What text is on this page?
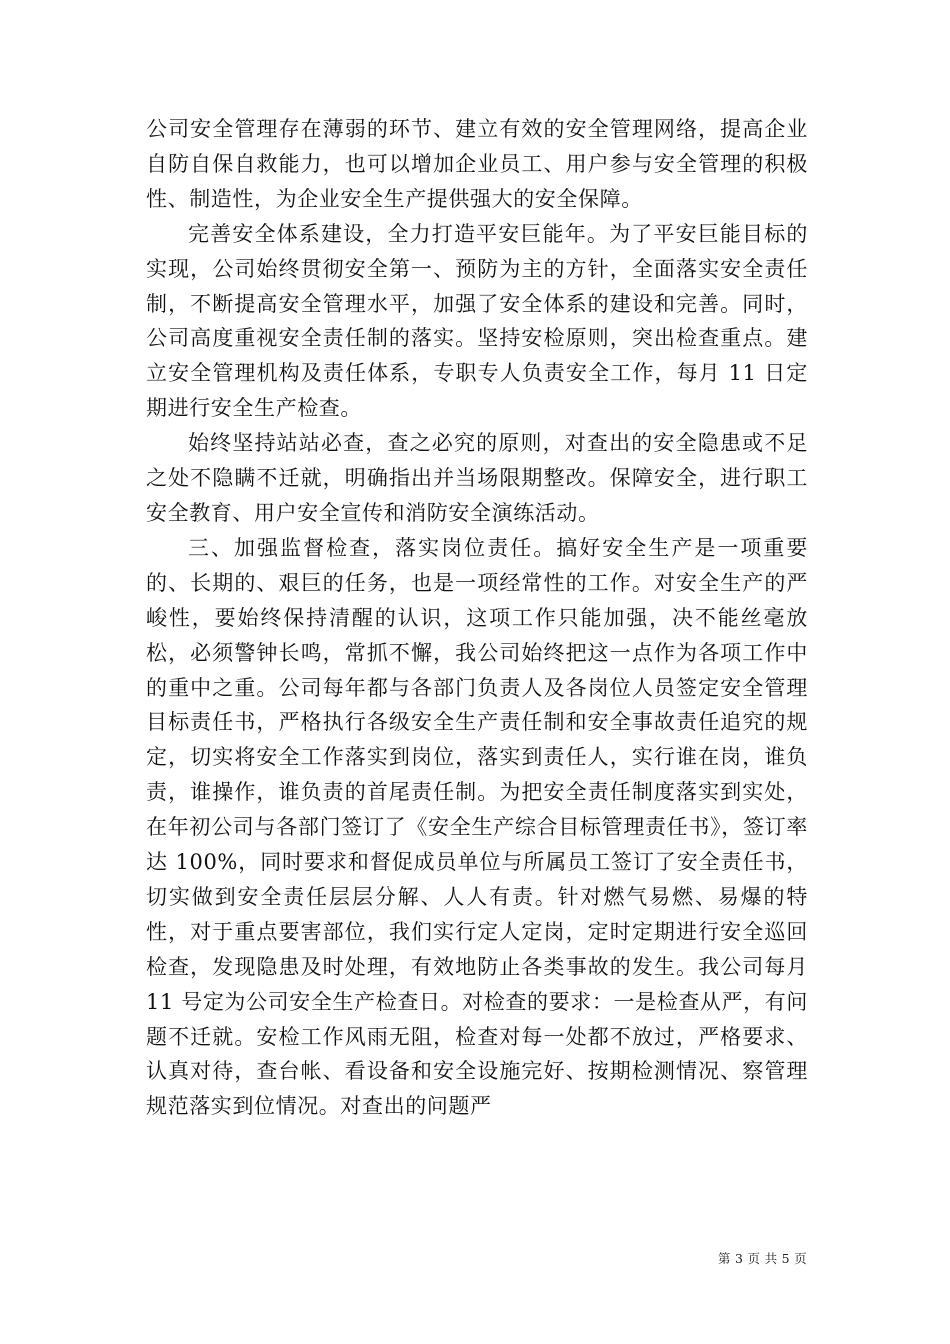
公司安全管理存在薄弱的环节、建立有效的安全管理网络，提高企业自防自保自救能力，也可以增加企业员工、用户参与安全管理的积极性、制造性，为企业安全生产提供强大的安全保障。

完善安全体系建设，全力打造平安巨能年。为了平安巨能目标的实现，公司始终贯彻安全第一、预防为主的方针，全面落实安全责任制，不断提高安全管理水平，加强了安全体系的建设和完善。同时，公司高度重视安全责任制的落实。坚持安检原则，突出检查重点。建立安全管理机构及责任体系，专职专人负责安全工作，每月 11 日定期进行安全生产检查。

始终坚持站站必查，查之必究的原则，对查出的安全隐患或不足之处不隐瞒不迁就，明确指出并当场限期整改。保障安全，进行职工安全教育、用户安全宣传和消防安全演练活动。

三、加强监督检查，落实岗位责任。搞好安全生产是一项重要的、长期的、艰巨的任务，也是一项经常性的工作。对安全生产的严峻性，要始终保持清醒的认识，这项工作只能加强，决不能丝毫放松，必须警钟长鸣，常抓不懈，我公司始终把这一点作为各项工作中的重中之重。公司每年都与各部门负责人及各岗位人员签定安全管理目标责任书，严格执行各级安全生产责任制和安全事故责任追究的规定，切实将安全工作落实到岗位，落实到责任人，实行谁在岗，谁负责，谁操作，谁负责的首尾责任制。为把安全责任制度落实到实处，在年初公司与各部门签订了《安全生产综合目标管理责任书》，签订率达 100%，同时要求和督促成员单位与所属员工签订了安全责任书，切实做到安全责任层层分解、人人有责。针对燃气易燃、易爆的特性，对于重点要害部位，我们实行定人定岗，定时定期进行安全巡回检查，发现隐患及时处理，有效地防止各类事故的发生。我公司每月 11 号定为公司安全生产检查日。对检查的要求：一是检查从严，有问题不迁就。安检工作风雨无阻，检查对每一处都不放过，严格要求、认真对待，查台帐、看设备和安全设施完好、按期检测情况、察管理规范落实到位情况。对查出的问题严

第 3 页 共 5 页
